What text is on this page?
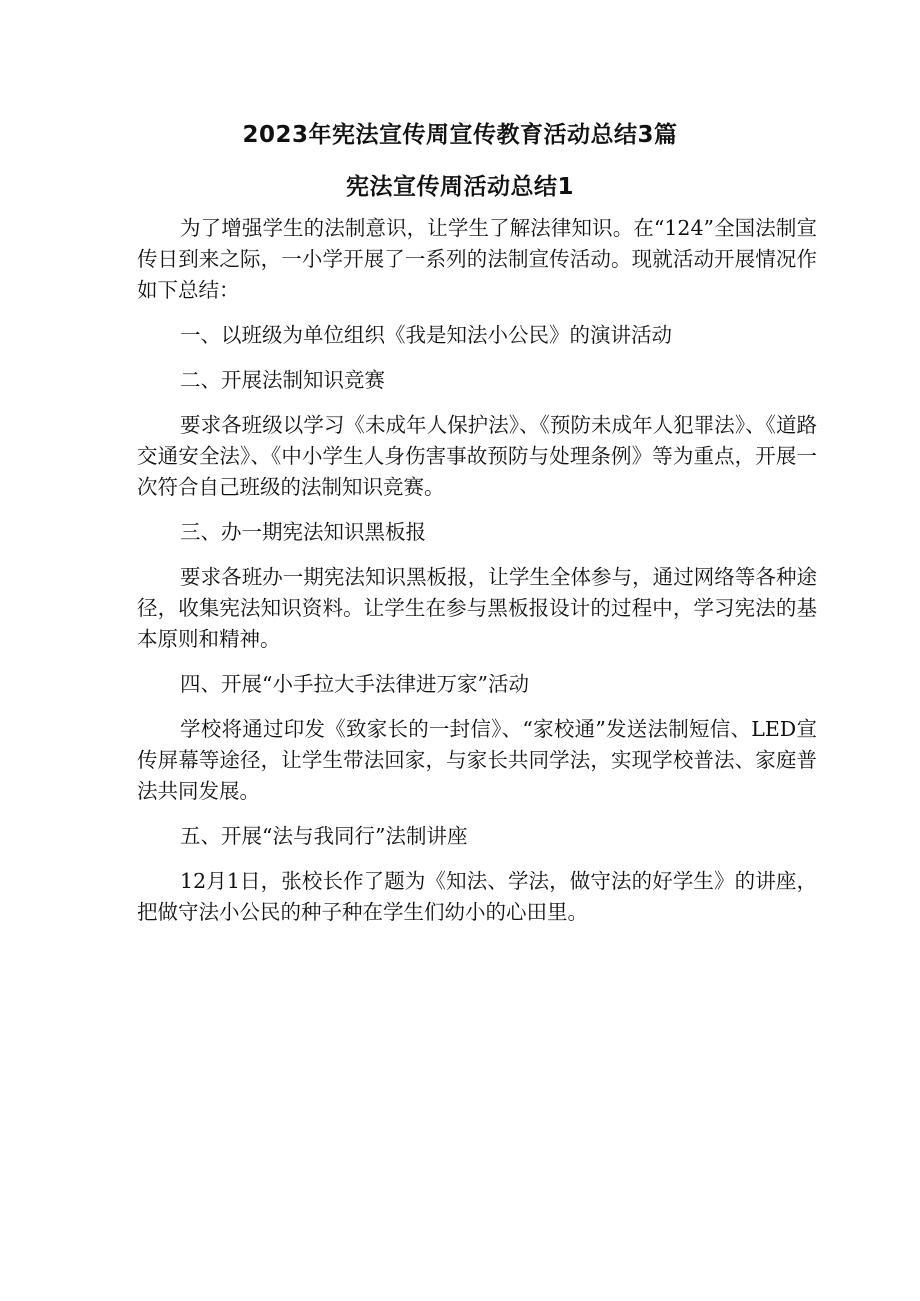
2023年宪法宣传周宣传教育活动总结3篇
宪法宣传周活动总结1

为了增强学生的法制意识，让学生了解法律知识。在“124”全国法制宣传日到来之际，一小学开展了一系列的法制宣传活动。现就活动开展情况作如下总结：

一、以班级为单位组织《我是知法小公民》的演讲活动

二、开展法制知识竞赛

要求各班级以学习《未成年人保护法》、《预防未成年人犯罪法》、《道路交通安全法》、《中小学生人身伤害事故预防与处理条例》等为重点，开展一次符合自己班级的法制知识竞赛。

三、办一期宪法知识黑板报

要求各班办一期宪法知识黑板报，让学生全体参与，通过网络等各种途径，收集宪法知识资料。让学生在参与黑板报设计的过程中，学习宪法的基本原则和精神。

四、开展“小手拉大手法律进万家”活动

学校将通过印发《致家长的一封信》、“家校通”发送法制短信、LED宣传屏幕等途径，让学生带法回家，与家长共同学法，实现学校普法、家庭普法共同发展。

五、开展“法与我同行”法制讲座

12月1日，张校长作了题为《知法、学法，做守法的好学生》的讲座，把做守法小公民的种子种在学生们幼小的心田里。
